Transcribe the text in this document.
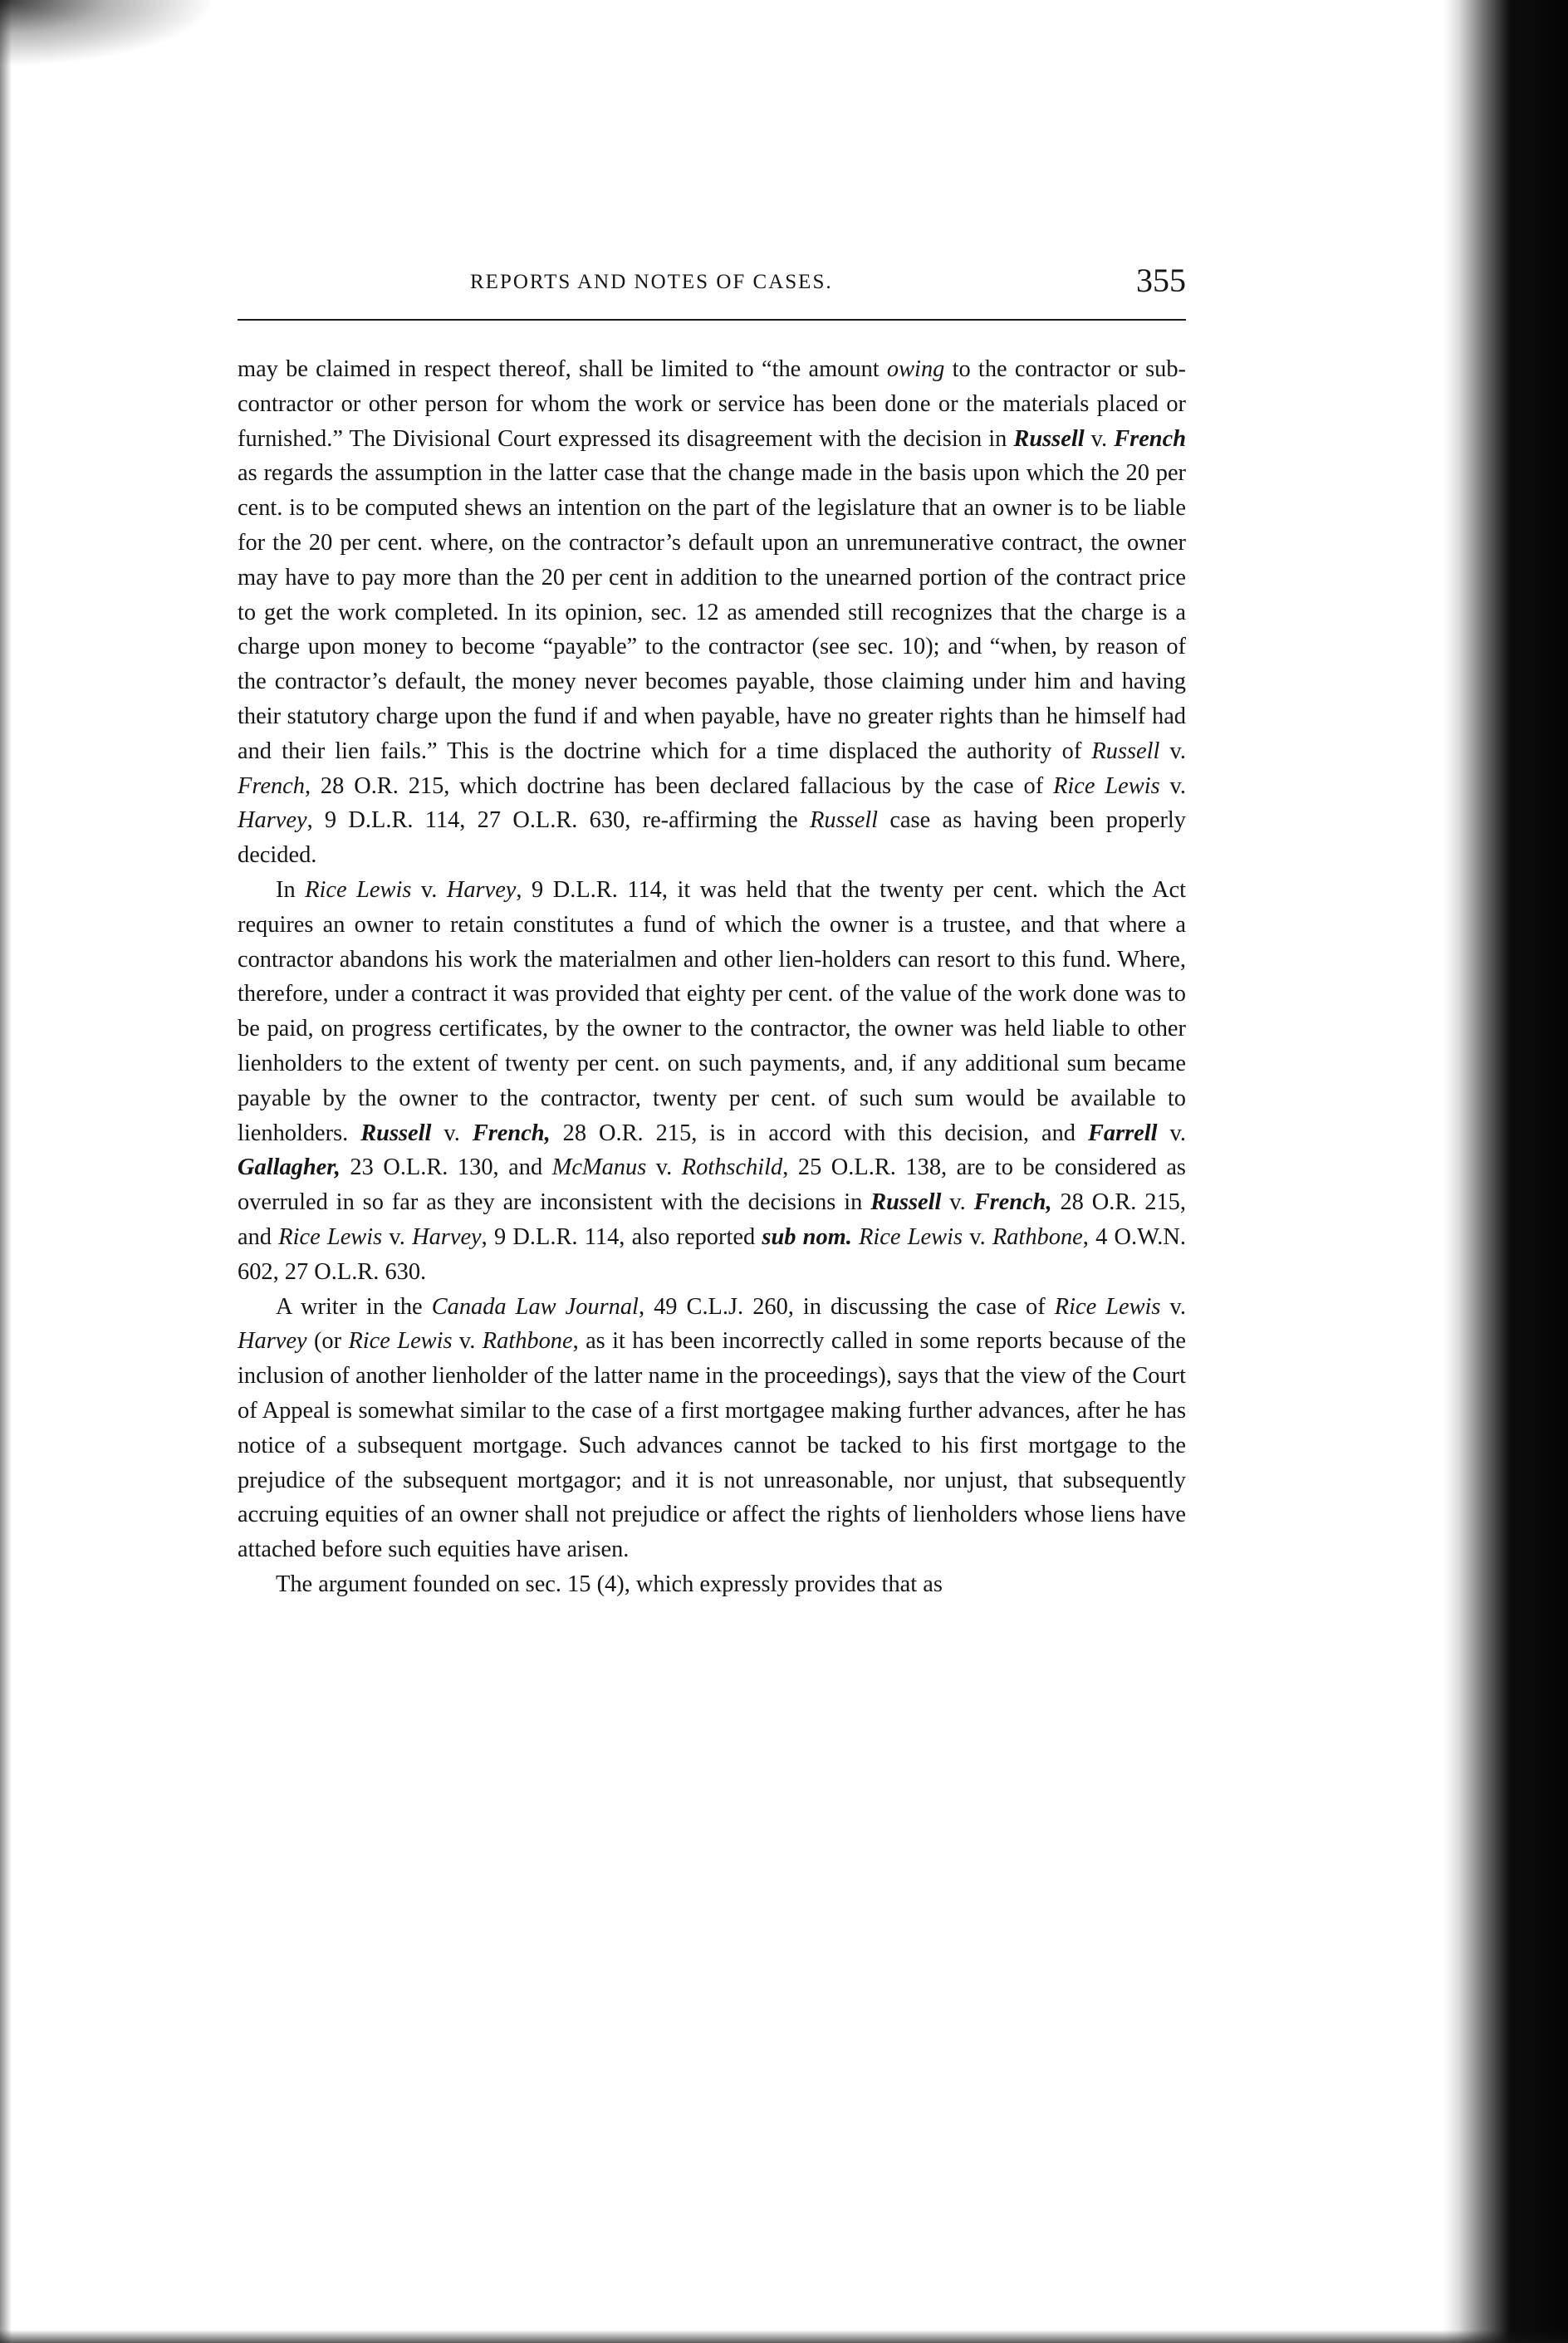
REPORTS AND NOTES OF CASES.	355

may be claimed in respect thereof, shall be limited to “the amount owing to the contractor or sub-contractor or other person for whom the work or service has been done or the materials placed or furnished.” The Divisional Court expressed its disagreement with the decision in Russell v. French as regards the assumption in the latter case that the change made in the basis upon which the 20 per cent. is to be computed shews an intention on the part of the legislature that an owner is to be liable for the 20 per cent. where, on the contractor’s default upon an unremunerative contract, the owner may have to pay more than the 20 per cent in addition to the unearned portion of the contract price to get the work completed. In its opinion, sec. 12 as amended still recognizes that the charge is a charge upon money to become “payable” to the contractor (see sec. 10); and “when, by reason of the contractor’s default, the money never becomes payable, those claiming under him and having their statutory charge upon the fund if and when payable, have no greater rights than he himself had and their lien fails.” This is the doctrine which for a time displaced the authority of Russell v. French, 28 O.R. 215, which doctrine has been declared fallacious by the case of Rice Lewis v. Harvey, 9 D.L.R. 114, 27 O.L.R. 630, re-affirming the Russell case as having been properly decided.

In Rice Lewis v. Harvey, 9 D.L.R. 114, it was held that the twenty per cent. which the Act requires an owner to retain constitutes a fund of which the owner is a trustee, and that where a contractor abandons his work the materialmen and other lien-holders can resort to this fund. Where, therefore, under a contract it was provided that eighty per cent. of the value of the work done was to be paid, on progress certificates, by the owner to the contractor, the owner was held liable to other lienholders to the extent of twenty per cent. on such payments, and, if any additional sum became payable by the owner to the contractor, twenty per cent. of such sum would be available to lienholders. Russell v. French, 28 O.R. 215, is in accord with this decision, and Farrell v. Gallagher, 23 O.L.R. 130, and McManus v. Rothschild, 25 O.L.R. 138, are to be considered as overruled in so far as they are inconsistent with the decisions in Russell v. French, 28 O.R. 215, and Rice Lewis v. Harvey, 9 D.L.R. 114, also reported sub nom. Rice Lewis v. Rathbone, 4 O.W.N. 602, 27 O.L.R. 630.

A writer in the Canada Law Journal, 49 C.L.J. 260, in discussing the case of Rice Lewis v. Harvey (or Rice Lewis v. Rathbone, as it has been incorrectly called in some reports because of the inclusion of another lienholder of the latter name in the proceedings), says that the view of the Court of Appeal is somewhat similar to the case of a first mortgagee making further advances, after he has notice of a subsequent mortgage. Such advances cannot be tacked to his first mortgage to the prejudice of the subsequent mortgagor; and it is not unreasonable, nor unjust, that subsequently accruing equities of an owner shall not prejudice or affect the rights of lienholders whose liens have attached before such equities have arisen.

The argument founded on sec. 15 (4), which expressly provides that as
